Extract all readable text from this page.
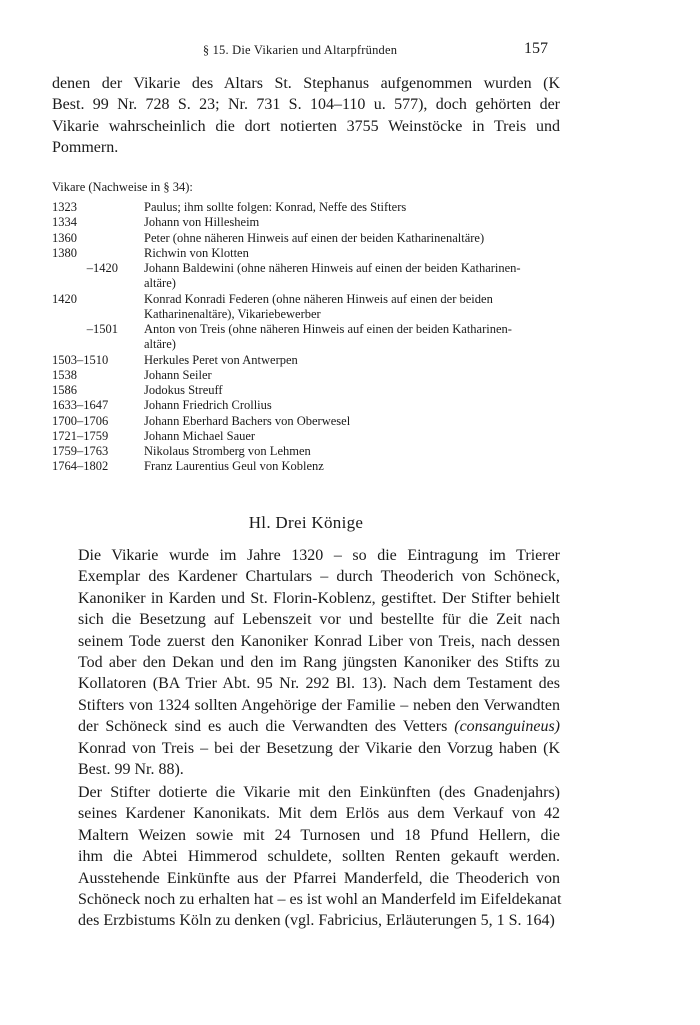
§ 15. Die Vikarien und Altarpfründen	157
denen der Vikarie des Altars St. Stephanus aufgenommen wurden (K
Best. 99 Nr. 728 S. 23; Nr. 731 S. 104–110 u. 577), doch gehörten der
Vikarie wahrscheinlich die dort notierten 3755 Weinstöcke in Treis und
Pommern.
Vikare (Nachweise in § 34):
1323	Paulus; ihm sollte folgen: Konrad, Neffe des Stifters
1334	Johann von Hillesheim
1360	Peter (ohne näheren Hinweis auf einen der beiden Katharinenaltäre)
1380	Richwin von Klotten
–1420	Johann Baldewini (ohne näheren Hinweis auf einen der beiden Katharinen-
altäre)
1420	Konrad Konradi Federen (ohne näheren Hinweis auf einen der beiden
Katharinenaltäre), Vikariebewerber
–1501	Anton von Treis (ohne näheren Hinweis auf einen der beiden Katharinen-
altäre)
1503–1510	Herkules Peret von Antwerpen
1538	Johann Seiler
1586	Jodokus Streuff
1633–1647	Johann Friedrich Crollius
1700–1706	Johann Eberhard Bachers von Oberwesel
1721–1759	Johann Michael Sauer
1759–1763	Nikolaus Stromberg von Lehmen
1764–1802	Franz Laurentius Geul von Koblenz
Hl. Drei Könige
Die Vikarie wurde im Jahre 1320 – so die Eintragung im Trierer
Exemplar des Kardener Chartulars – durch Theoderich von Schöneck,
Kanoniker in Karden und St. Florin-Koblenz, gestiftet. Der Stifter behielt
sich die Besetzung auf Lebenszeit vor und bestellte für die Zeit nach
seinem Tode zuerst den Kanoniker Konrad Liber von Treis, nach dessen
Tod aber den Dekan und den im Rang jüngsten Kanoniker des Stifts zu
Kollatoren (BA Trier Abt. 95 Nr. 292 Bl. 13). Nach dem Testament des
Stifters von 1324 sollten Angehörige der Familie – neben den Verwandten
der Schöneck sind es auch die Verwandten des Vetters (consanguineus)
Konrad von Treis – bei der Besetzung der Vikarie den Vorzug haben (K
Best. 99 Nr. 88).
Der Stifter dotierte die Vikarie mit den Einkünften (des Gnadenjahrs)
seines Kardener Kanonikats. Mit dem Erlös aus dem Verkauf von 42
Maltern Weizen sowie mit 24 Turnosen und 18 Pfund Hellern, die
ihm die Abtei Himmerod schuldete, sollten Renten gekauft werden.
Ausstehende Einkünfte aus der Pfarrei Manderfeld, die Theoderich von
Schöneck noch zu erhalten hat – es ist wohl an Manderfeld im Eifeldekanat
des Erzbistums Köln zu denken (vgl. Fabricius, Erläuterungen 5, 1 S. 164)
